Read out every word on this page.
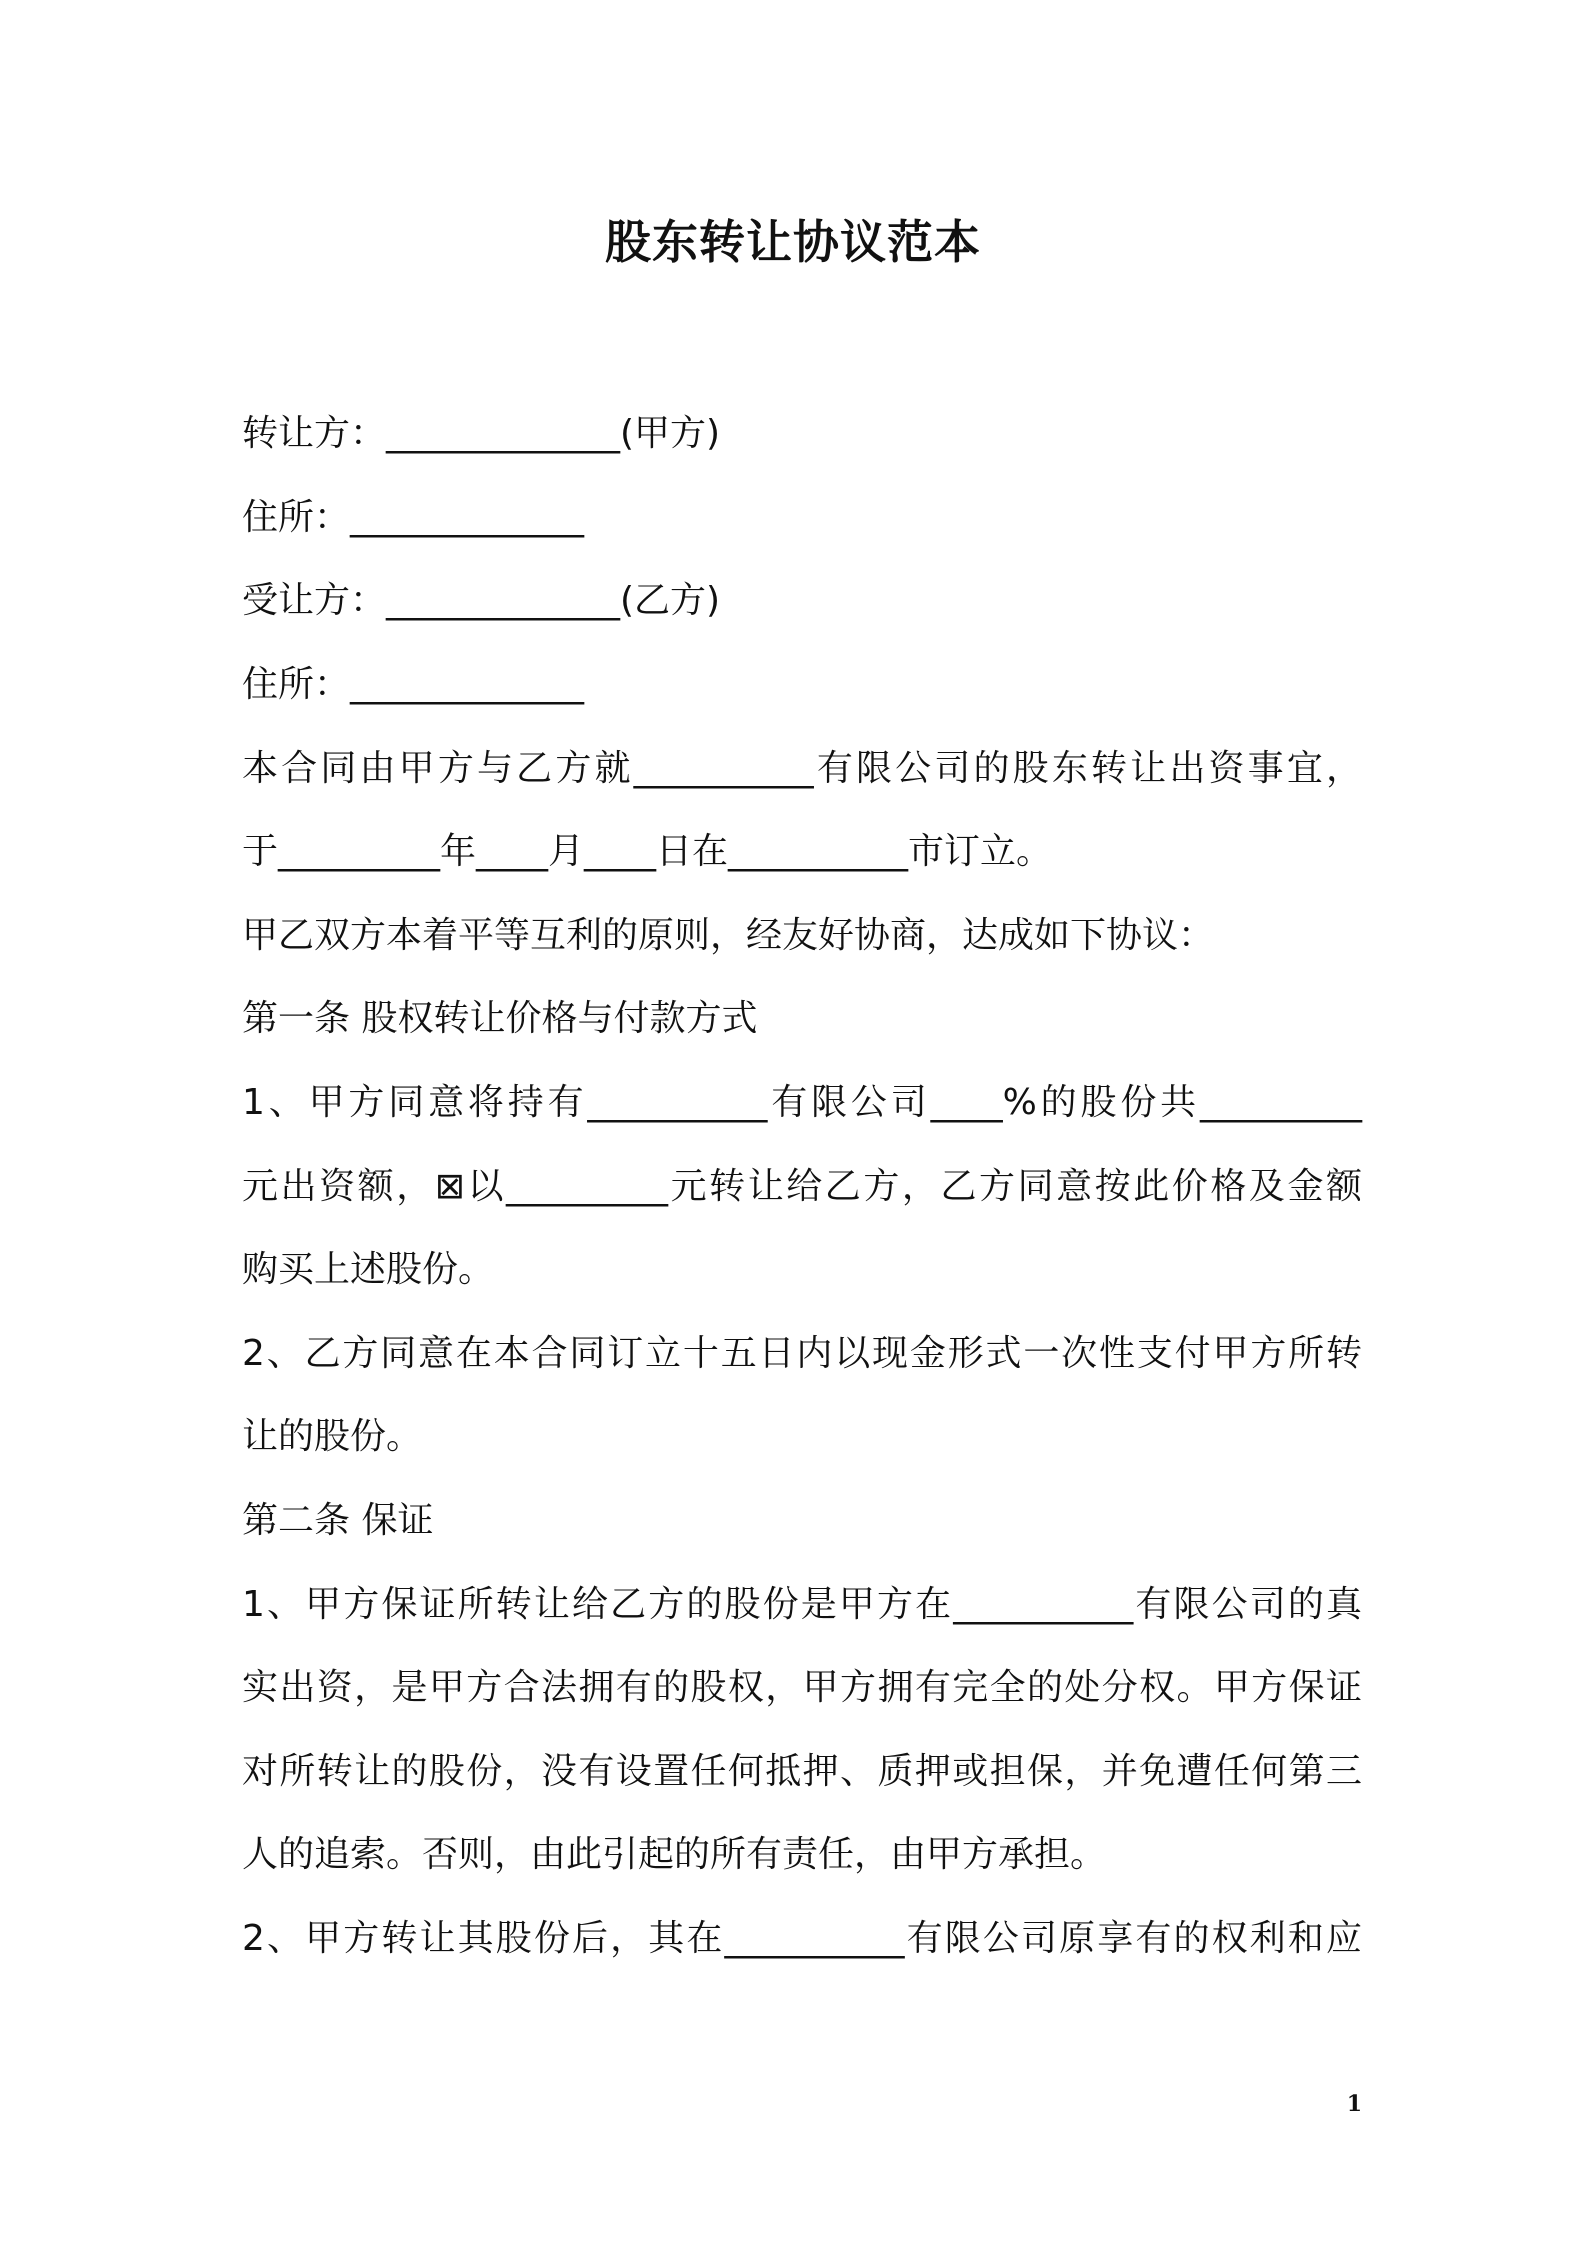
股东转让协议范本
转让方：_____________(甲方)
住所：_____________
受让方：_____________(乙方)
住所：_____________
本合同由甲方与乙方就__________有限公司的股东转让出资事宜，
于_________年____月____日在__________市订立。
甲乙双方本着平等互利的原则，经友好协商，达成如下协议：
第一条 股权转让价格与付款方式
1、甲方同意将持有__________有限公司____%的股份共_________
元出资额，⊠以_________元转让给乙方，乙方同意按此价格及金额
购买上述股份。
2、乙方同意在本合同订立十五日内以现金形式一次性支付甲方所转
让的股份。
第二条 保证
1、甲方保证所转让给乙方的股份是甲方在__________有限公司的真
实出资，是甲方合法拥有的股权，甲方拥有完全的处分权。甲方保证
对所转让的股份，没有设置任何抵押、质押或担保，并免遭任何第三
人的追索。否则，由此引起的所有责任，由甲方承担。
2、甲方转让其股份后，其在__________有限公司原享有的权利和应
1
